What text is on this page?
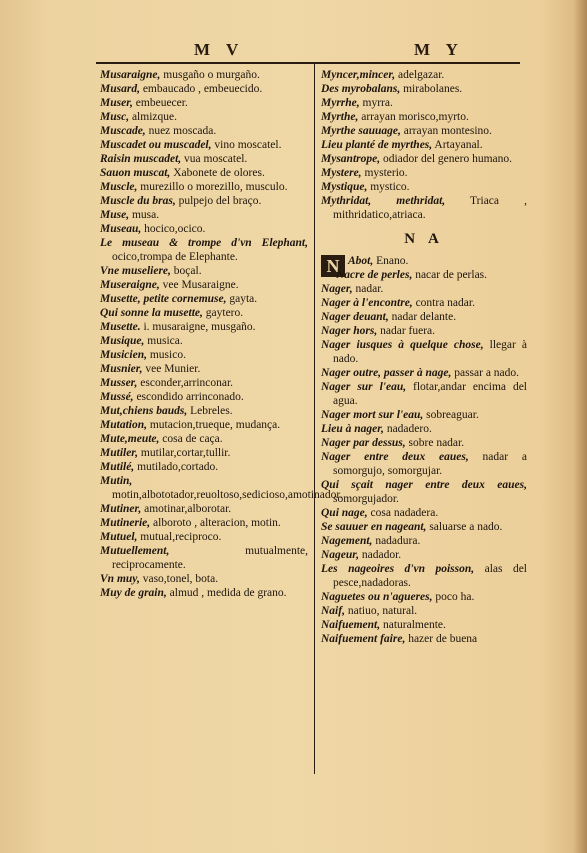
M V	M Y

Musaraigne, musgaño o murgaño.

Musard, embaucado , embeuecido.

Muser, embeuecer.

Musc, almizque.

Muscade, nuez moscada.

Muscadet ou muscadel, vino moscatel.

Raisin muscadet, vua moscatel.

Sauon muscat, Xabonete de olores.

Muscle, murezillo o morezillo, musculo.

Muscle du bras, pulpejo del braço.

Muse, musa.

Museau, hocico,ocico.

Le museau & trompe d'vn Elephant, ocico,trompa de Elephante.

Vne museliere, boçal.

Museraigne, vee Musaraigne.

Musette, petite cornemuse, gayta.

Qui sonne la musette, gaytero.

Musette. i. musaraigne, musgaño.

Musique, musica.

Musicien, musico.

Musnier, vee Munier.

Musser, esconder,arrinconar.

Mussé, escondido arrinconado.

Mut,chiens bauds, Lebreles.

Mutation, mutacion,trueque, mudança.

Mute,meute, cosa de caça.

Mutiler, mutilar,cortar,tullir.

Mutilé, mutilado,cortado.

Mutin, motin,albototador,reuoltoso,sedicioso,amotinador.

Mutiner, amotinar,alborotar.

Mutinerie, alboroto , alteracion, motin.

Mutuel, mutual,reciproco.

Mutuellement, mutualmente, reciprocamente.

Vn muy, vaso,tonel, bota.

Muy de grain, almud , medida de grano.

Myncer,mincer, adelgazar.

Des myrobalans, mirabolanes.

Myrrhe, myrra.

Myrthe, arrayan morisco,myrto.

Myrthe sauuage, arrayan montesino.

Lieu planté de myrthes, Artayanal.

Mysantrope, odiador del genero humano.

Mystere, mysterio.

Mystique, mystico.

Mythridat, methridat, Triaca , mithridatico,atriaca.

N A

N Abot, Enano.

Nacre de perles, nacar de perlas.

Nager, nadar.

Nager à l'encontre, contra nadar.

Nager deuant, nadar delante.

Nager hors, nadar fuera.

Nager iusques à quelque chose, llegar à nado.

Nager outre, passer à nage, passar a nado.

Nager sur l'eau, flotar,andar encima del agua.

Nager mort sur l'eau, sobreaguar.

Lieu à nager, nadadero.

Nager par dessus, sobre nadar.

Nager entre deux eaues, nadar a somorgujo, somorgujar.

Qui sçait nager entre deux eaues, somorgujador.

Qui nage, cosa nadadera.

Se sauuer en nageant, saluarse a nado.

Nagement, nadadura.

Nageur, nadador.

Les nageoires d'vn poisson, alas del pesce,nadadoras.

Naguetes ou n'agueres, poco ha.

Naif, natiuo, natural.

Naifuement, naturalmente.

Naifuement faire, hazer de buena
